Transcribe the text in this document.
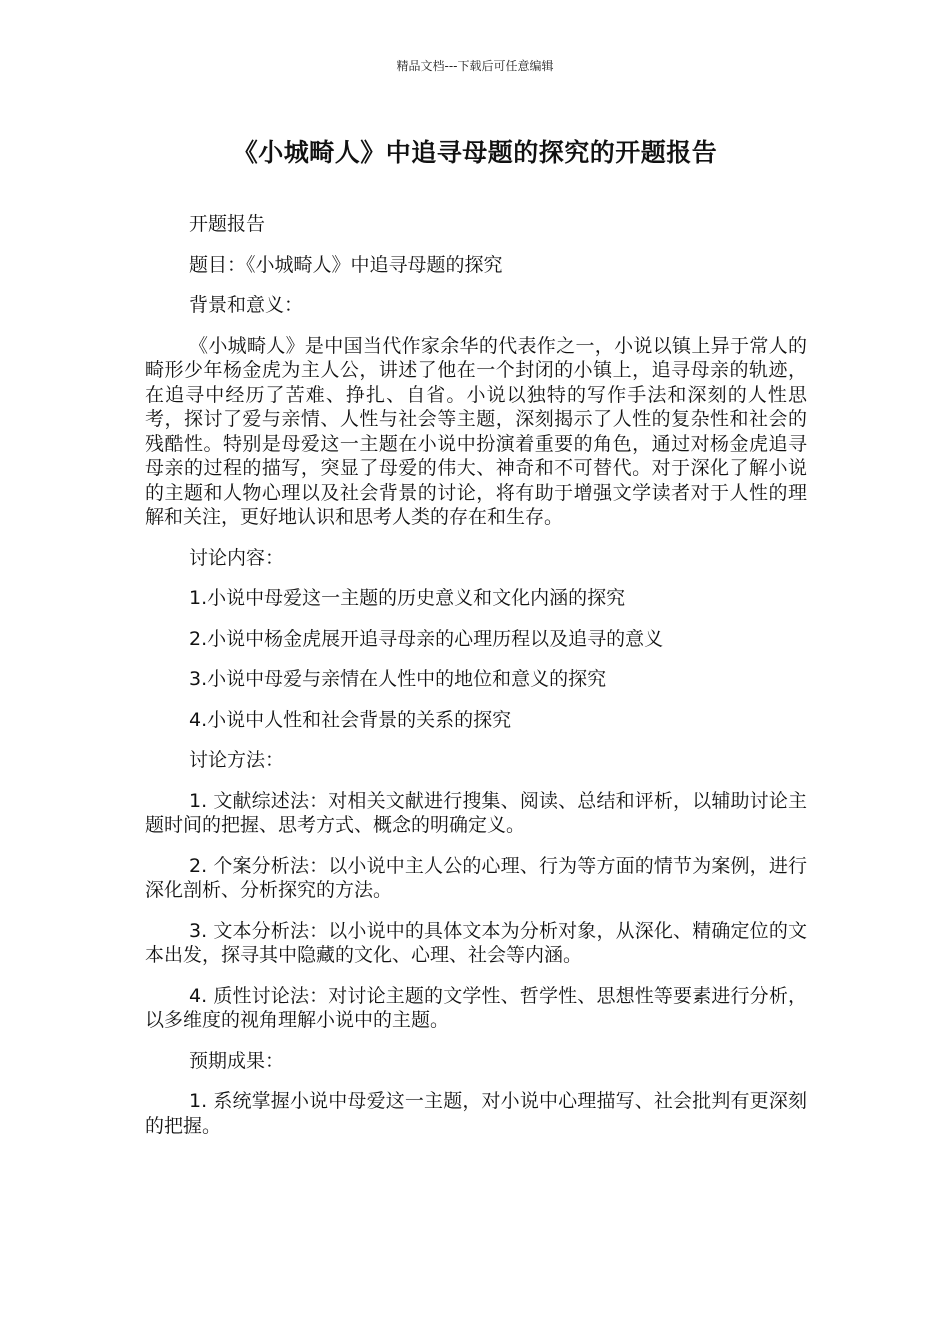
精品文档---下载后可任意编辑
《小城畸人》中追寻母题的探究的开题报告

开题报告

题目：《小城畸人》中追寻母题的探究

背景和意义：

《小城畸人》是中国当代作家余华的代表作之一，小说以镇上异于常人的畸形少年杨金虎为主人公，讲述了他在一个封闭的小镇上，追寻母亲的轨迹，在追寻中经历了苦难、挣扎、自省。小说以独特的写作手法和深刻的人性思考，探讨了爱与亲情、人性与社会等主题，深刻揭示了人性的复杂性和社会的残酷性。特别是母爱这一主题在小说中扮演着重要的角色，通过对杨金虎追寻母亲的过程的描写，突显了母爱的伟大、神奇和不可替代。对于深化了解小说的主题和人物心理以及社会背景的讨论，将有助于增强文学读者对于人性的理解和关注，更好地认识和思考人类的存在和生存。

讨论内容：

1.小说中母爱这一主题的历史意义和文化内涵的探究

2.小说中杨金虎展开追寻母亲的心理历程以及追寻的意义

3.小说中母爱与亲情在人性中的地位和意义的探究

4.小说中人性和社会背景的关系的探究

讨论方法：

1. 文献综述法：对相关文献进行搜集、阅读、总结和评析，以辅助讨论主题时间的把握、思考方式、概念的明确定义。

2. 个案分析法：以小说中主人公的心理、行为等方面的情节为案例，进行深化剖析、分析探究的方法。

3. 文本分析法：以小说中的具体文本为分析对象，从深化、精确定位的文本出发，探寻其中隐藏的文化、心理、社会等内涵。

4. 质性讨论法：对讨论主题的文学性、哲学性、思想性等要素进行分析，以多维度的视角理解小说中的主题。

预期成果：

1. 系统掌握小说中母爱这一主题，对小说中心理描写、社会批判有更深刻的把握。
